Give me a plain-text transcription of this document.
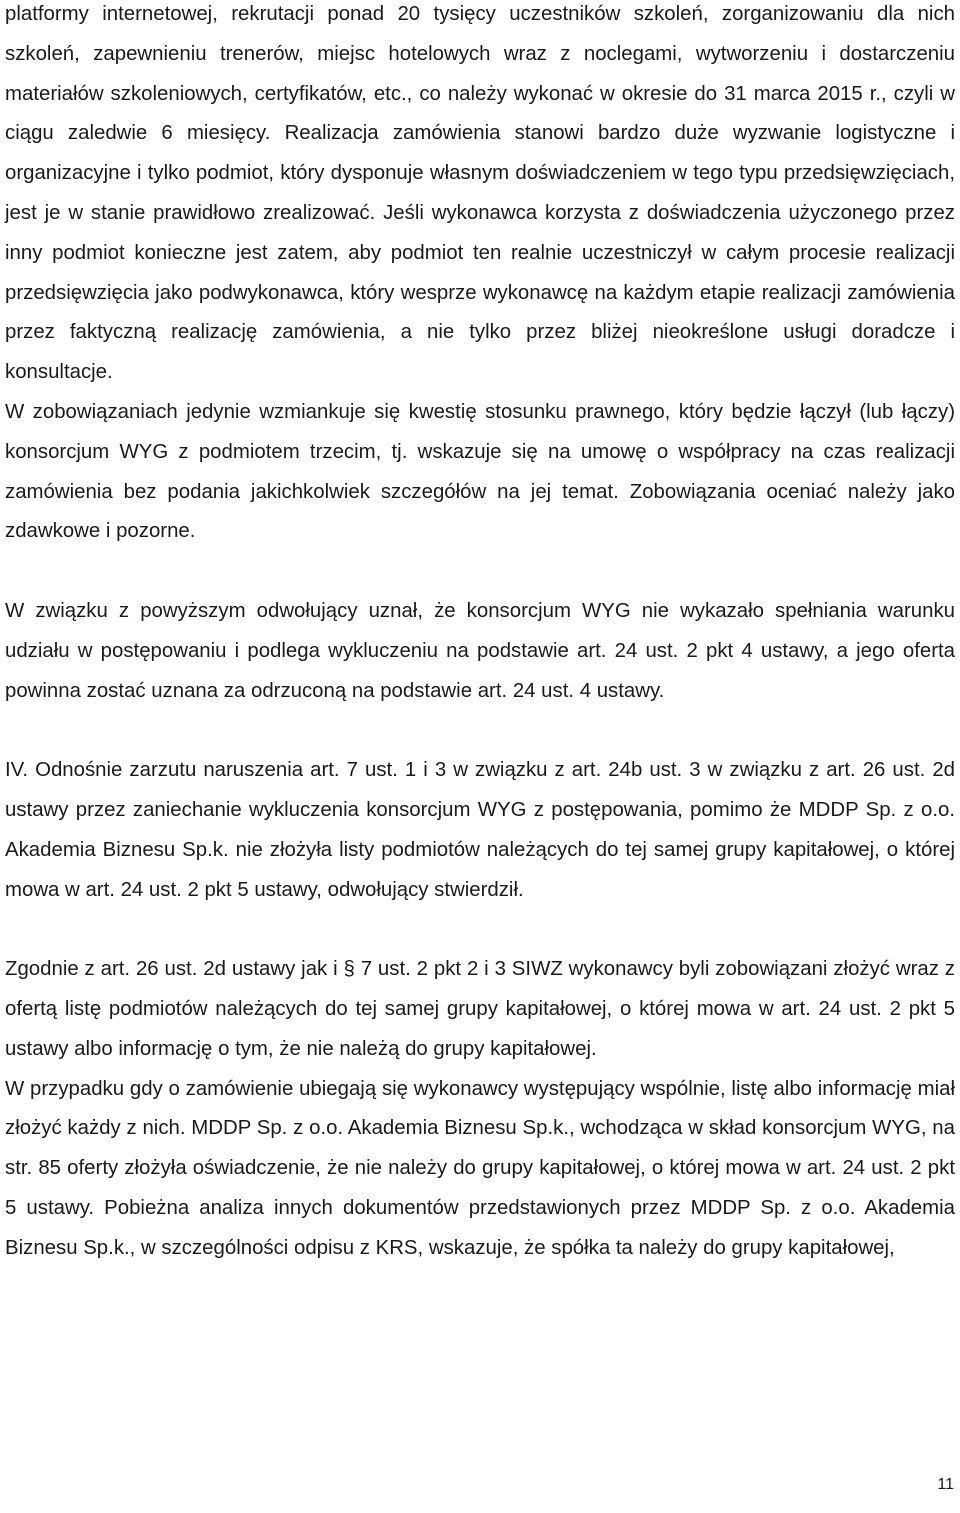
platformy internetowej, rekrutacji ponad 20 tysięcy uczestników szkoleń, zorganizowaniu dla nich szkoleń, zapewnieniu trenerów, miejsc hotelowych wraz z noclegami, wytworzeniu i dostarczeniu materiałów szkoleniowych, certyfikatów, etc., co należy wykonać w okresie do 31 marca 2015 r., czyli w ciągu zaledwie 6 miesięcy. Realizacja zamówienia stanowi bardzo duże wyzwanie logistyczne i organizacyjne i tylko podmiot, który dysponuje własnym doświadczeniem w tego typu przedsięwzięciach, jest je w stanie prawidłowo zrealizować. Jeśli wykonawca korzysta z doświadczenia użyczonego przez inny podmiot konieczne jest zatem, aby podmiot ten realnie uczestniczył w całym procesie realizacji przedsięwzięcia jako podwykonawca, który wesprze wykonawcę na każdym etapie realizacji zamówienia przez faktyczną realizację zamówienia, a nie tylko przez bliżej nieokreślone usługi doradcze i konsultacje.

W zobowiązaniach jedynie wzmiankuje się kwestię stosunku prawnego, który będzie łączył (lub łączy) konsorcjum WYG z podmiotem trzecim, tj. wskazuje się na umowę o współpracy na czas realizacji zamówienia bez podania jakichkolwiek szczegółów na jej temat. Zobowiązania oceniać należy jako zdawkowe i pozorne.

W związku z powyższym odwołujący uznał, że konsorcjum WYG nie wykazało spełniania warunku udziału w postępowaniu i podlega wykluczeniu na podstawie art. 24 ust. 2 pkt 4 ustawy, a jego oferta powinna zostać uznana za odrzuconą na podstawie art. 24 ust. 4 ustawy.

IV. Odnośnie zarzutu naruszenia art. 7 ust. 1 i 3 w związku z art. 24b ust. 3 w związku z art. 26 ust. 2d ustawy przez zaniechanie wykluczenia konsorcjum WYG z postępowania, pomimo że MDDP Sp. z o.o. Akademia Biznesu Sp.k. nie złożyła listy podmiotów należących do tej samej grupy kapitałowej, o której mowa w art. 24 ust. 2 pkt 5 ustawy, odwołujący stwierdził.

Zgodnie z art. 26 ust. 2d ustawy jak i § 7 ust. 2 pkt 2 i 3 SIWZ wykonawcy byli zobowiązani złożyć wraz z ofertą listę podmiotów należących do tej samej grupy kapitałowej, o której mowa w art. 24 ust. 2 pkt 5 ustawy albo informację o tym, że nie należą do grupy kapitałowej.

W przypadku gdy o zamówienie ubiegają się wykonawcy występujący wspólnie, listę albo informację miał złożyć każdy z nich. MDDP Sp. z o.o. Akademia Biznesu Sp.k., wchodząca w skład konsorcjum WYG, na str. 85 oferty złożyła oświadczenie, że nie należy do grupy kapitałowej, o której mowa w art. 24 ust. 2 pkt 5 ustawy. Pobieżna analiza innych dokumentów przedstawionych przez MDDP Sp. z o.o. Akademia Biznesu Sp.k., w szczególności odpisu z KRS, wskazuje, że spółka ta należy do grupy kapitałowej,

11
